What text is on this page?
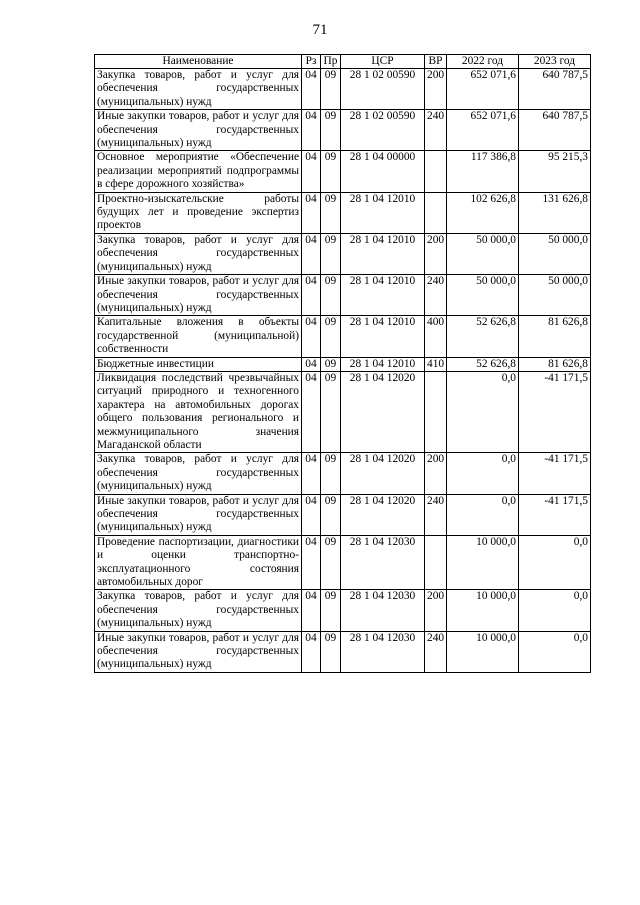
71
Наименование	Рз	Пр	ЦСР	ВР	2022 год	2023 год
Закупка товаров, работ и услуг для обеспечения государственных (муниципальных) нужд	04	09	28 1 02 00590	200	652 071,6	640 787,5
Иные закупки товаров, работ и услуг для обеспечения государственных (муниципальных) нужд	04	09	28 1 02 00590	240	652 071,6	640 787,5
Основное мероприятие «Обеспечение реализации мероприятий подпрограммы в сфере дорожного хозяйства»	04	09	28 1 04 00000		117 386,8	95 215,3
Проектно-изыскательские работы будущих лет и проведение экспертиз проектов	04	09	28 1 04 12010		102 626,8	131 626,8
Закупка товаров, работ и услуг для обеспечения государственных (муниципальных) нужд	04	09	28 1 04 12010	200	50 000,0	50 000,0
Иные закупки товаров, работ и услуг для обеспечения государственных (муниципальных) нужд	04	09	28 1 04 12010	240	50 000,0	50 000,0
Капитальные вложения в объекты государственной (муниципальной) собственности	04	09	28 1 04 12010	400	52 626,8	81 626,8
Бюджетные инвестиции	04	09	28 1 04 12010	410	52 626,8	81 626,8
Ликвидация последствий чрезвычайных ситуаций природного и техногенного характера на автомобильных дорогах общего пользования регионального и межмуниципального значения Магаданской области	04	09	28 1 04 12020		0,0	-41 171,5
Закупка товаров, работ и услуг для обеспечения государственных (муниципальных) нужд	04	09	28 1 04 12020	200	0,0	-41 171,5
Иные закупки товаров, работ и услуг для обеспечения государственных (муниципальных) нужд	04	09	28 1 04 12020	240	0,0	-41 171,5
Проведение паспортизации, диагностики и оценки транспортно-эксплуатационного состояния автомобильных дорог	04	09	28 1 04 12030		10 000,0	0,0
Закупка товаров, работ и услуг для обеспечения государственных (муниципальных) нужд	04	09	28 1 04 12030	200	10 000,0	0,0
Иные закупки товаров, работ и услуг для обеспечения государственных (муниципальных) нужд	04	09	28 1 04 12030	240	10 000,0	0,0
